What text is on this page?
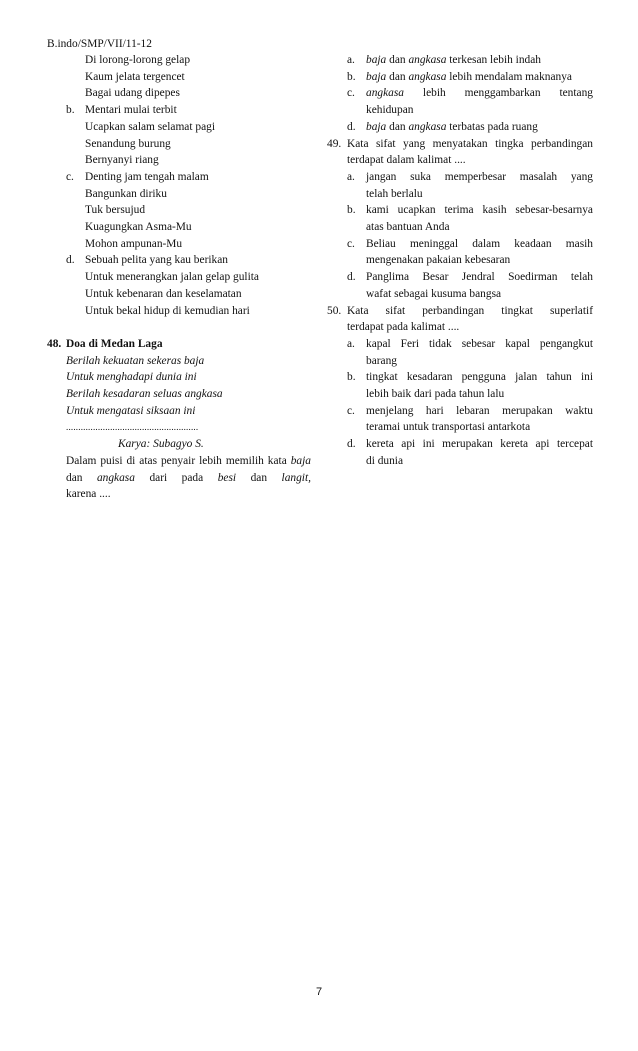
B.indo/SMP/VII/11-12
Di lorong-lorong gelap
Kaum jelata tergencet
Bagai udang dipepes
b. Mentari mulai terbit
Ucapkan salam selamat pagi
Senandung burung
Bernyanyi riang
c. Denting jam tengah malam
Bangunkan diriku
Tuk bersujud
Kuagungkan Asma-Mu
Mohon ampunan-Mu
d. Sebuah pelita yang kau berikan
Untuk menerangkan jalan gelap gulita
Untuk kebenaran dan keselamatan
Untuk bekal hidup di kemudian hari
48. Doa di Medan Laga
Berilah kekuatan sekeras baja
Untuk menghadapi dunia ini
Berilah kesadaran seluas angkasa
Untuk mengatasi siksaan ini
......................................................
Karya: Subagyo S.
Dalam puisi di atas penyair lebih memilih kata baja dan angkasa dari pada besi dan langit,
karena ....
a. baja dan angkasa terkesan lebih indah
b. baja dan angkasa lebih mendalam maknanya
c. angkasa lebih menggambarkan tentang
kehidupan
d. baja dan angkasa terbatas pada ruang
49. Kata sifat yang menyatakan tingka perbandingan
terdapat dalam kalimat ....
a. jangan suka memperbesar masalah yang
telah berlalu
b. kami ucapkan terima kasih sebesar-besarnya
atas bantuan Anda
c. Beliau meninggal dalam keadaan masih
mengenakan pakaian kebesaran
d. Panglima Besar Jendral Soedirman telah
wafat sebagai kusuma bangsa
50. Kata sifat perbandingan tingkat superlatif
terdapat pada kalimat ....
a. kapal Feri tidak sebesar kapal pengangkut
barang
b. tingkat kesadaran pengguna jalan tahun ini
lebih baik dari pada tahun lalu
c. menjelang hari lebaran merupakan waktu
teramai untuk transportasi antarkota
d. kereta api ini merupakan kereta api tercepat
di dunia
7
